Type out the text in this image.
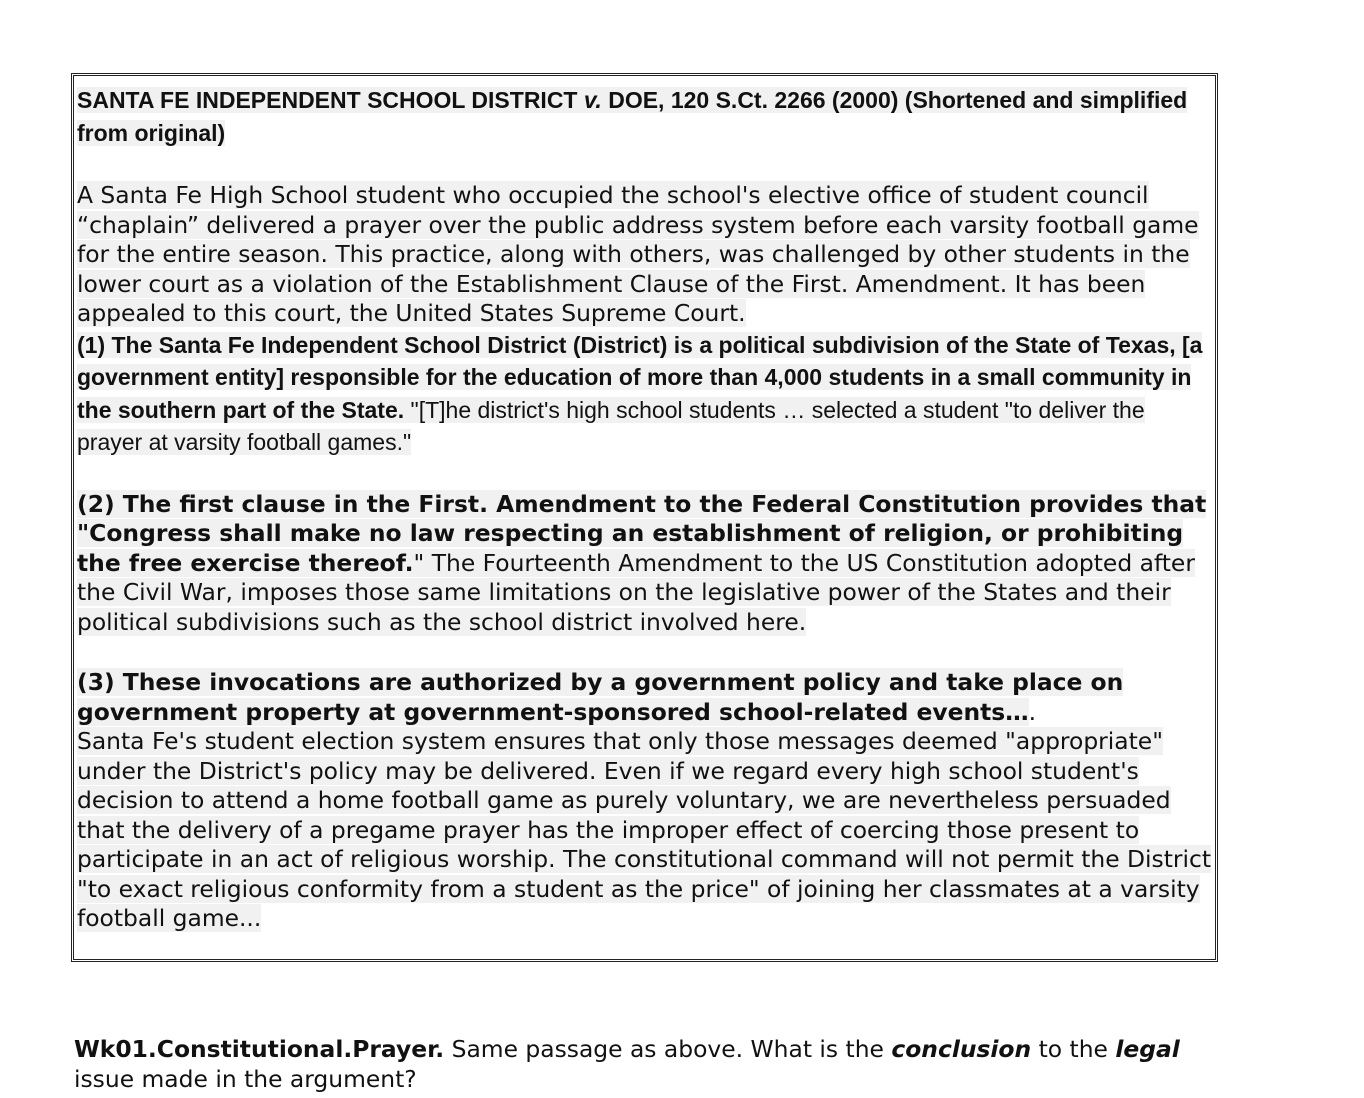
SANTA FE INDEPENDENT SCHOOL DISTRICT v. DOE, 120 S.Ct. 2266 (2000) (Shortened and simplified from original)

A Santa Fe High School student who occupied the school's elective office of student council “chaplain” delivered a prayer over the public address system before each varsity football game for the entire season. This practice, along with others, was challenged by other students in the lower court as a violation of the Establishment Clause of the First. Amendment. It has been appealed to this court, the United States Supreme Court.

(1) The Santa Fe Independent School District (District) is a political subdivision of the State of Texas, [a government entity] responsible for the education of more than 4,000 students in a small community in the southern part of the State. "[T]he district's high school students … selected a student "to deliver the prayer at varsity football games."

(2) The first clause in the First. Amendment to the Federal Constitution provides that "Congress shall make no law respecting an establishment of religion, or prohibiting the free exercise thereof." The Fourteenth Amendment to the US Constitution adopted after the Civil War, imposes those same limitations on the legislative power of the States and their political subdivisions such as the school district involved here.

(3) These invocations are authorized by a government policy and take place on government property at government-sponsored school-related events….
Santa Fe's student election system ensures that only those messages deemed "appropriate" under the District's policy may be delivered. Even if we regard every high school student's decision to attend a home football game as purely voluntary, we are nevertheless persuaded that the delivery of a pregame prayer has the improper effect of coercing those present to participate in an act of religious worship. The constitutional command will not permit the District "to exact religious conformity from a student as the price" of joining her classmates at a varsity football game...

Wk01.Constitutional.Prayer. Same passage as above. What is the conclusion to the legal issue made in the argument?
